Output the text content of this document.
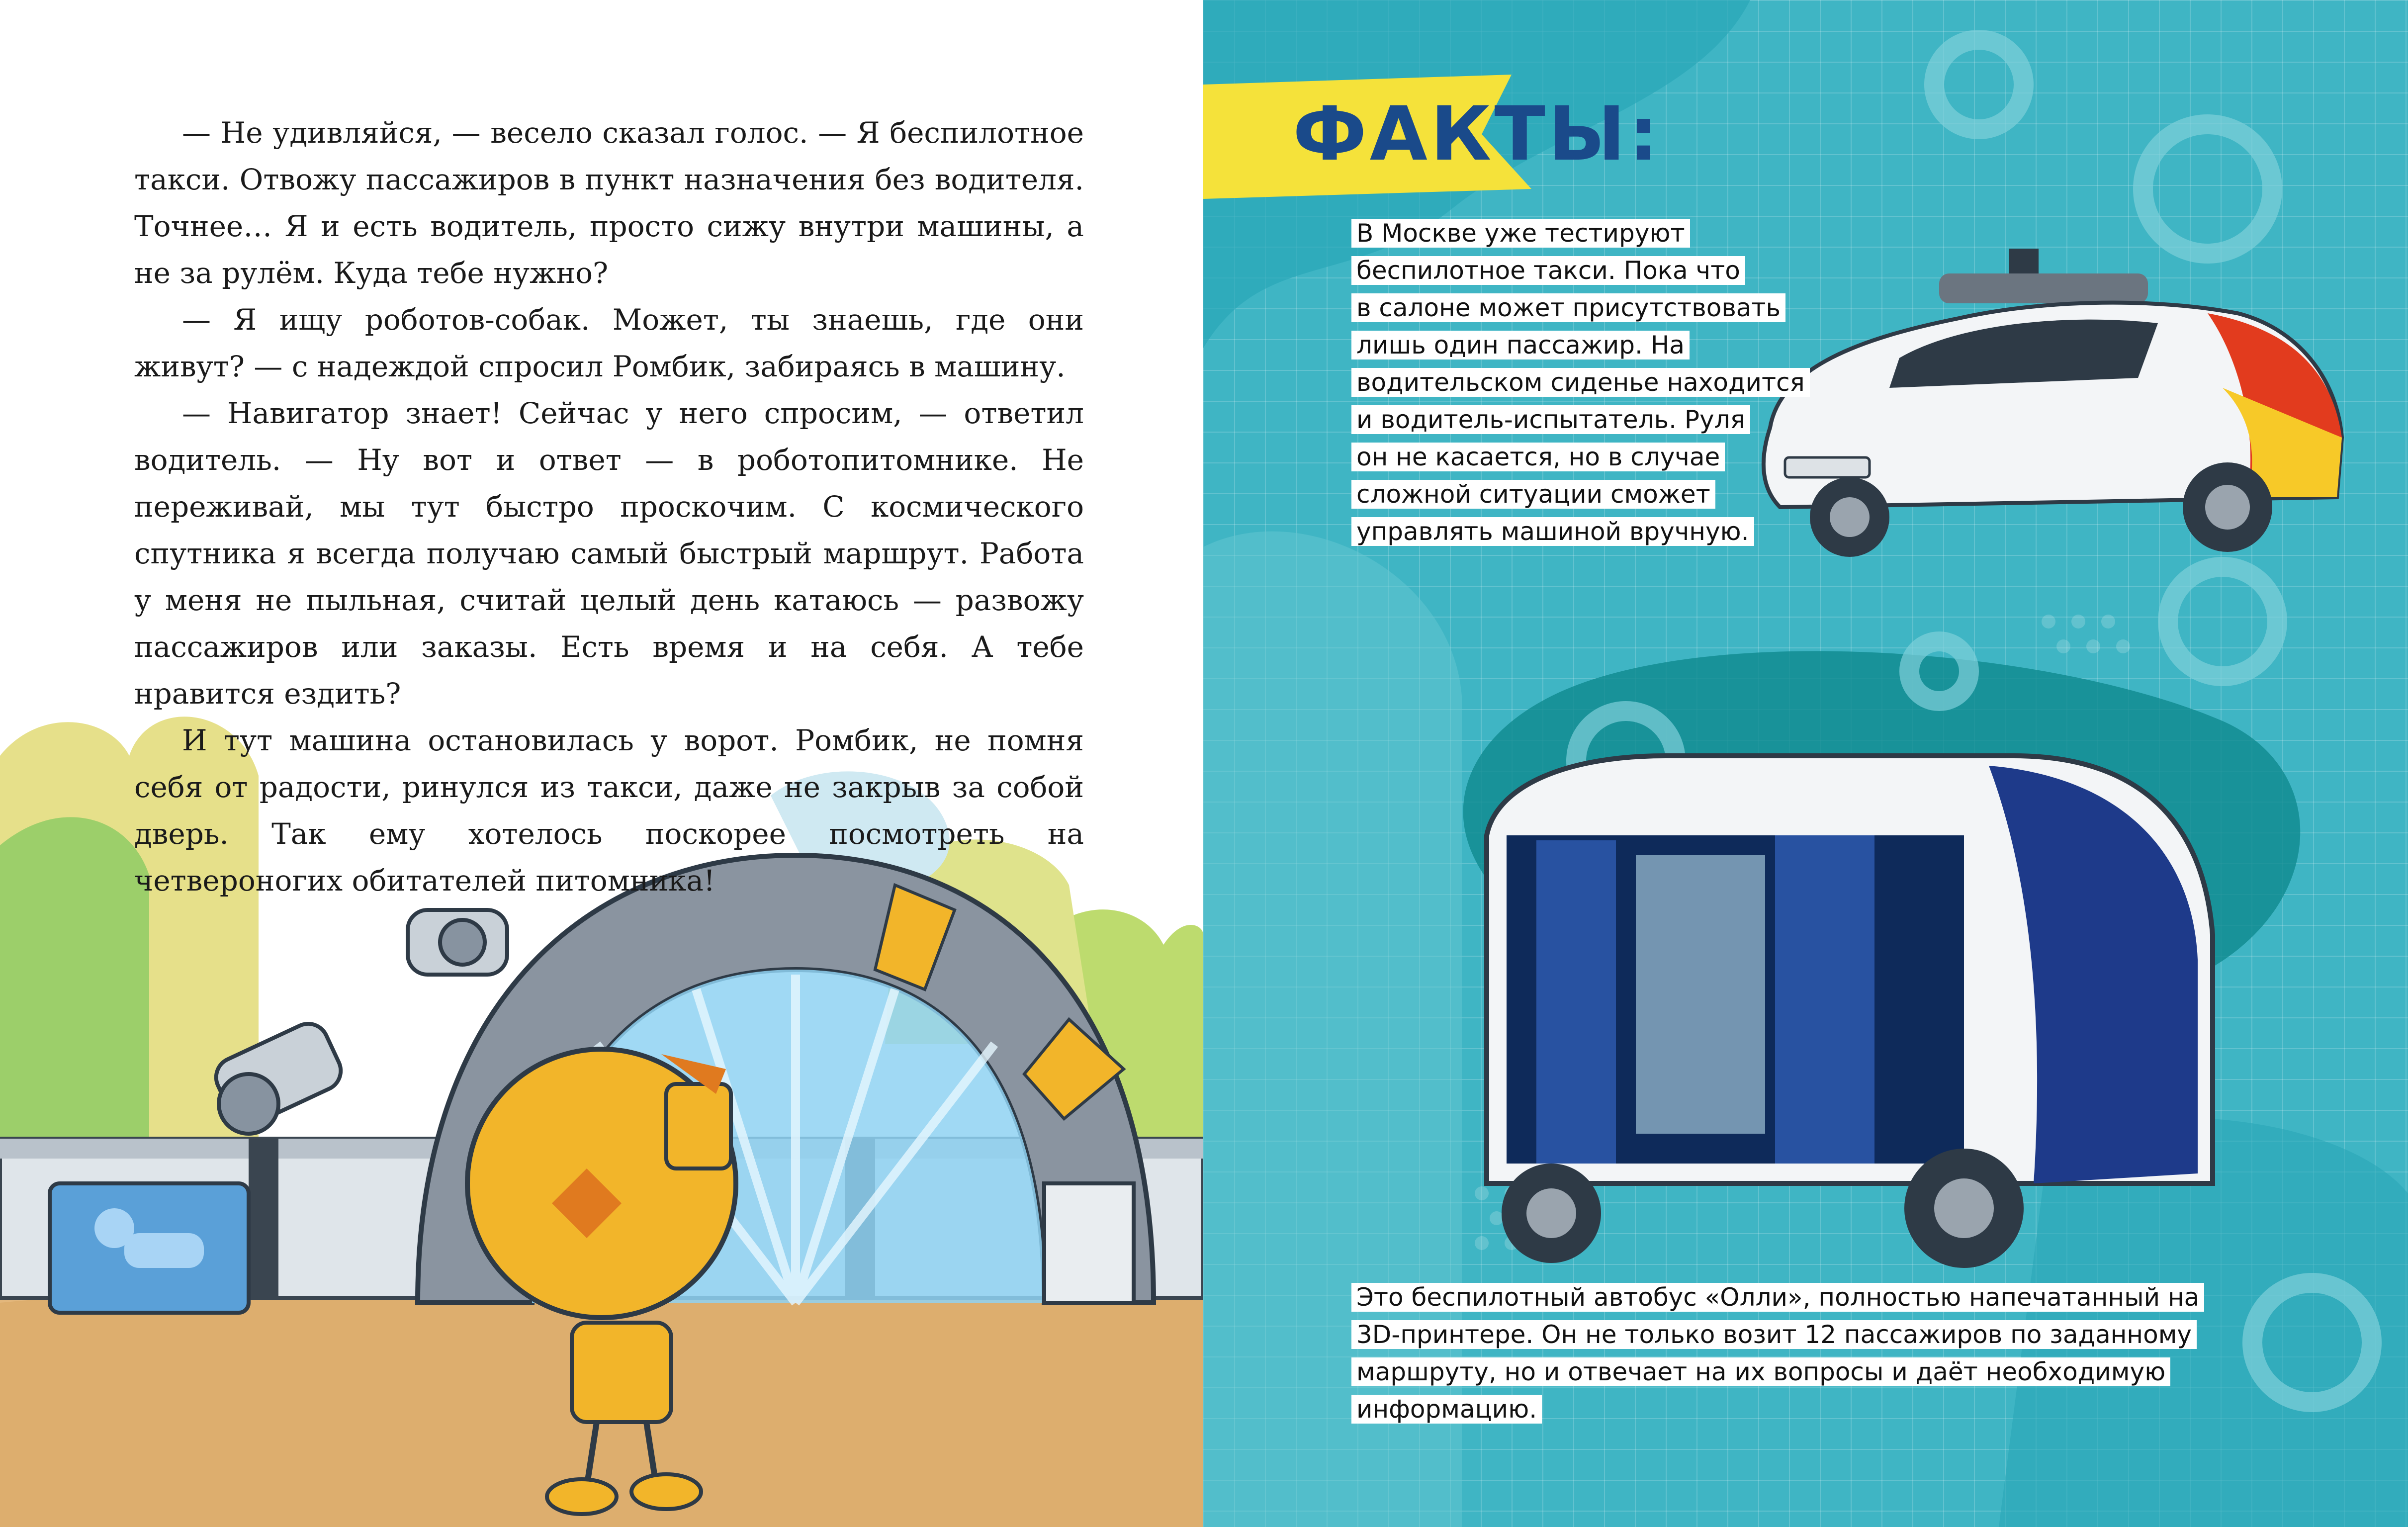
— Не удивляйся, — весело сказал голос. — Я беспилотное такси. Отвожу пассажиров в пункт назначения без водителя. Точнее… Я и есть водитель, просто сижу внутри машины, а не за рулём. Куда тебе нужно?

— Я ищу роботов-собак. Может, ты знаешь, где они живут? — с надеждой спросил Ромбик, забираясь в машину.

— Навигатор знает! Сейчас у него спросим, — ответил водитель. — Ну вот и ответ — в роботопитомнике. Не переживай, мы тут быстро проскочим. С космического спутника я всегда получаю самый быстрый маршрут. Работа у меня не пыльная, считай целый день катаюсь — развожу пассажиров или заказы. Есть время и на себя. А тебе нравится ездить?

И тут машина остановилась у ворот. Ромбик, не помня себя от радости, ринулся из такси, даже не закрыв за собой дверь. Так ему хотелось поскорее посмотреть на четвероногих обитателей питомника!

ФАКТЫ:
В Москве уже тестируют
беспилотное такси. Пока что
в салоне может присутствовать
лишь один пассажир. На
водительском сиденье находится
и водитель-испытатель. Руля
он не касается, но в случае
сложной ситуации сможет
управлять машиной вручную.
Это беспилотный автобус «Олли», полностью напечатанный на
3D-принтере. Он не только возит 12 пассажиров по заданному
маршруту, но и отвечает на их вопросы и даёт необходимую
информацию.
